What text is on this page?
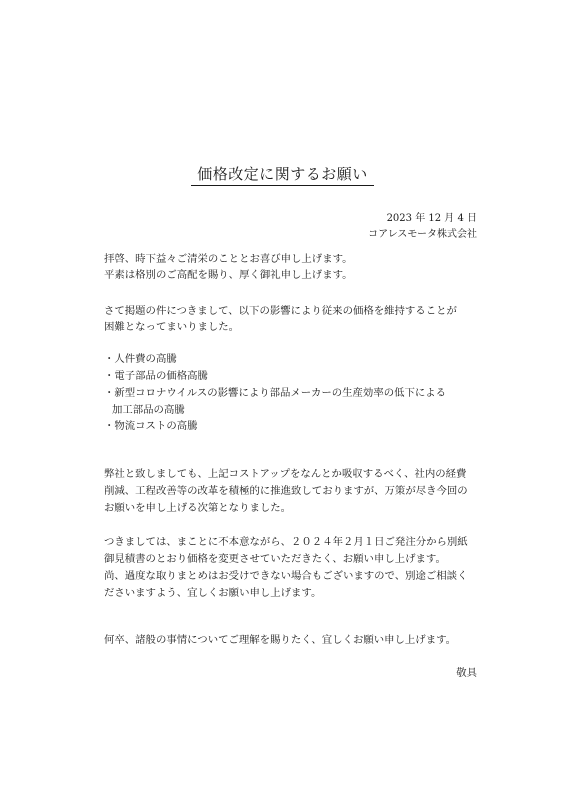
価格改定に関するお願い
2023 年 12 月 4 日
コアレスモータ株式会社
拝啓、時下益々ご清栄のこととお喜び申し上げます。
平素は格別のご高配を賜り、厚く御礼申し上げます。
さて掲題の件につきまして、以下の影響により従来の価格を維持することが
困難となってまいりました。
・人件費の高騰
・電子部品の価格高騰
・新型コロナウイルスの影響により部品メーカーの生産効率の低下による
加工部品の高騰
・物流コストの高騰
弊社と致しましても、上記コストアップをなんとか吸収するべく、社内の経費
削減、工程改善等の改革を積極的に推進致しておりますが、万策が尽き今回の
お願いを申し上げる次第となりました。
つきましては、まことに不本意ながら、２０２４年２月１日ご発注分から別紙
御見積書のとおり価格を変更させていただきたく、お願い申し上げます。
尚、過度な取りまとめはお受けできない場合もございますので、別途ご相談く
ださいますよう、宜しくお願い申し上げます。
何卒、諸般の事情についてご理解を賜りたく、宜しくお願い申し上げます。
敬具
